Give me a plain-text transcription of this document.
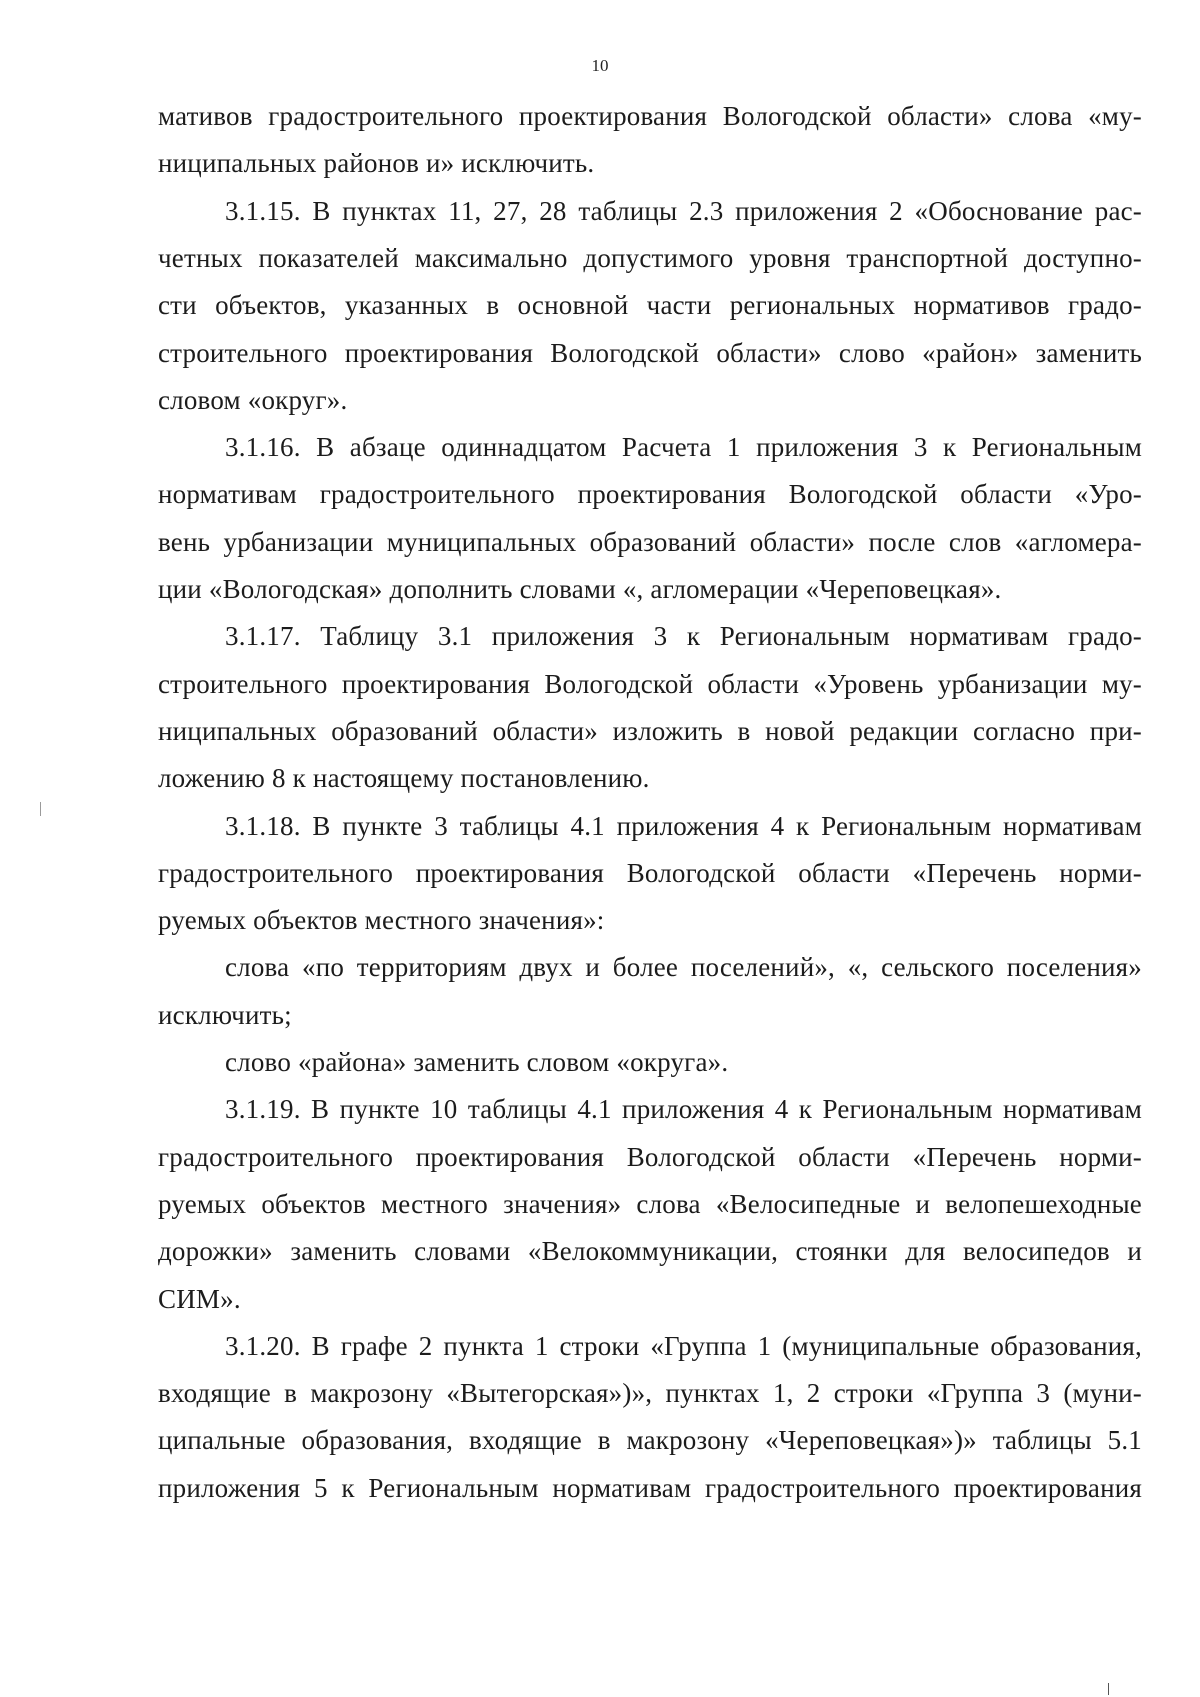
10
мативов градостроительного проектирования Вологодской области» слова «му-
ниципальных районов и» исключить.
3.1.15. В пунктах 11, 27, 28 таблицы 2.3 приложения 2 «Обоснование рас-
четных показателей максимально допустимого уровня транспортной доступно-
сти объектов, указанных в основной части региональных нормативов градо-
строительного проектирования Вологодской области» слово «район» заменить
словом «округ».
3.1.16. В абзаце одиннадцатом Расчета 1 приложения 3 к Региональным
нормативам градостроительного проектирования Вологодской области «Уро-
вень урбанизации муниципальных образований области» после слов «агломера-
ции «Вологодская» дополнить словами «, агломерации «Череповецкая».
3.1.17. Таблицу 3.1 приложения 3 к Региональным нормативам градо-
строительного проектирования Вологодской области «Уровень урбанизации му-
ниципальных образований области» изложить в новой редакции согласно при-
ложению 8 к настоящему постановлению.
3.1.18. В пункте 3 таблицы 4.1 приложения 4 к Региональным нормативам
градостроительного проектирования Вологодской области «Перечень норми-
руемых объектов местного значения»:
слова «по территориям двух и более поселений», «, сельского поселения»
исключить;
слово «района» заменить словом «округа».
3.1.19. В пункте 10 таблицы 4.1 приложения 4 к Региональным нормативам
градостроительного проектирования Вологодской области «Перечень норми-
руемых объектов местного значения» слова «Велосипедные и велопешеходные
дорожки» заменить словами «Велокоммуникации, стоянки для велосипедов и
СИМ».
3.1.20. В графе 2 пункта 1 строки «Группа 1 (муниципальные образования,
входящие в макрозону «Вытегорская»)», пунктах 1, 2 строки «Группа 3 (муни-
ципальные образования, входящие в макрозону «Череповецкая»)» таблицы 5.1
приложения 5 к Региональным нормативам градостроительного проектирования
